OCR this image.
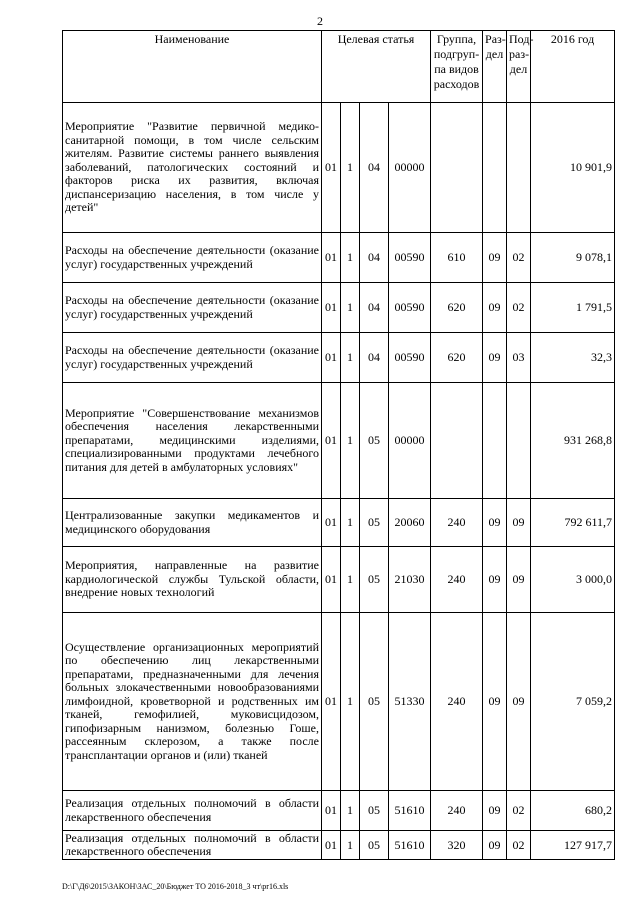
2
Наименование	Целевая статья				Группа, подгруп-па видов расходов	Раз-дел	Под-раз-дел	2016 год
Мероприятие "Развитие первичной медико-санитарной помощи, в том числе сельским жителям. Развитие системы раннего выявления заболеваний, патологических состояний и факторов риска их развития, включая диспансеризацию населения, в том числе у детей"	01	1	04	00000				10 901,9
Расходы на обеспечение деятельности (оказание услуг) государственных учреждений	01	1	04	00590	610	09	02	9 078,1
Расходы на обеспечение деятельности (оказание услуг) государственных учреждений	01	1	04	00590	620	09	02	1 791,5
Расходы на обеспечение деятельности (оказание услуг) государственных учреждений	01	1	04	00590	620	09	03	32,3
Мероприятие "Совершенствование механизмов обеспечения населения лекарственными препаратами, медицинскими изделиями, специализированными продуктами лечебного питания для детей в амбулаторных условиях"	01	1	05	00000				931 268,8
Централизованные закупки медикаментов и медицинского оборудования	01	1	05	20060	240	09	09	792 611,7
Мероприятия, направленные на развитие кардиологической службы Тульской области, внедрение новых технологий	01	1	05	21030	240	09	09	3 000,0
Осуществление организационных мероприятий по обеспечению лиц лекарственными препаратами, предназначенными для лечения больных злокачественными новообразованиями лимфоидной, кроветворной и родственных им тканей, гемофилией, муковисцидозом, гипофизарным нанизмом, болезнью Гоше, рассеянным склерозом, а также после трансплантации органов и (или) тканей	01	1	05	51330	240	09	09	7 059,2
Реализация отдельных полномочий в области лекарственного обеспечения	01	1	05	51610	240	09	02	680,2
Реализация отдельных полномочий в области лекарственного обеспечения	01	1	05	51610	320	09	02	127 917,7
D:\Г\Д6\2015\ЗАКОН\ЗАС_20\Бюджет ТО 2016-2018_3 чт\pr16.xls
